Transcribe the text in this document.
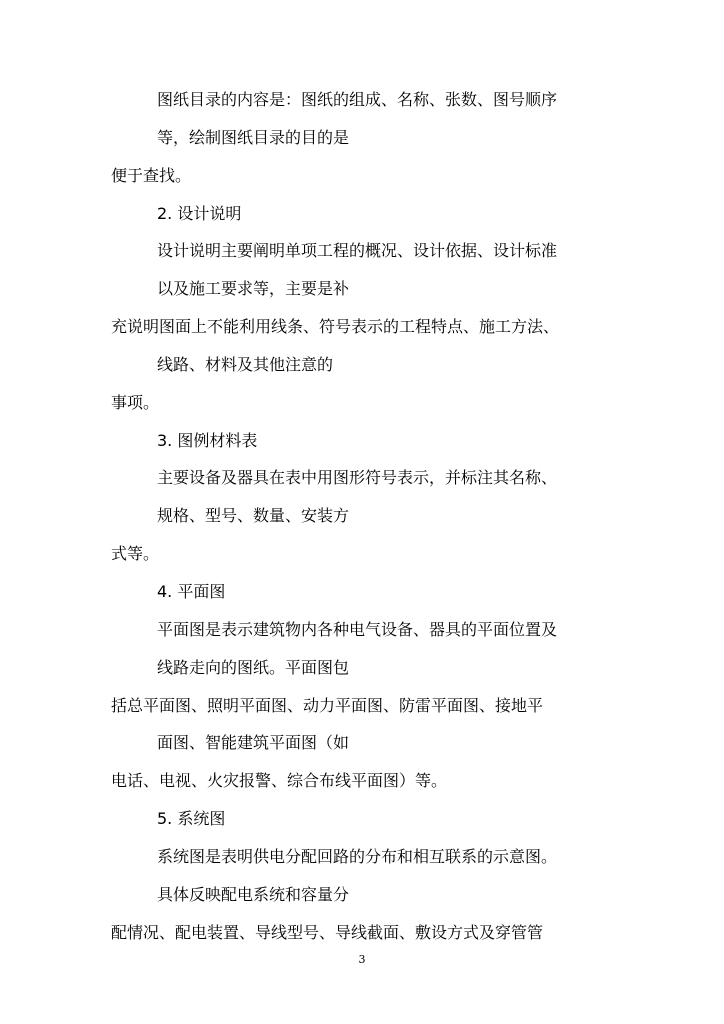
图纸目录的内容是：图纸的组成、名称、张数、图号顺序

等，绘制图纸目录的目的是

便于查找。

2. 设计说明

设计说明主要阐明单项工程的概况、设计依据、设计标准

以及施工要求等，主要是补

充说明图面上不能利用线条、符号表示的工程特点、施工方法、

线路、材料及其他注意的

事项。

3. 图例材料表

主要设备及器具在表中用图形符号表示，并标注其名称、

规格、型号、数量、安装方

式等。

4. 平面图

平面图是表示建筑物内各种电气设备、器具的平面位置及

线路走向的图纸。平面图包

括总平面图、照明平面图、动力平面图、防雷平面图、接地平

面图、智能建筑平面图（如

电话、电视、火灾报警、综合布线平面图）等。

5. 系统图

系统图是表明供电分配回路的分布和相互联系的示意图。

具体反映配电系统和容量分

配情况、配电装置、导线型号、导线截面、敷设方式及穿管管

3
